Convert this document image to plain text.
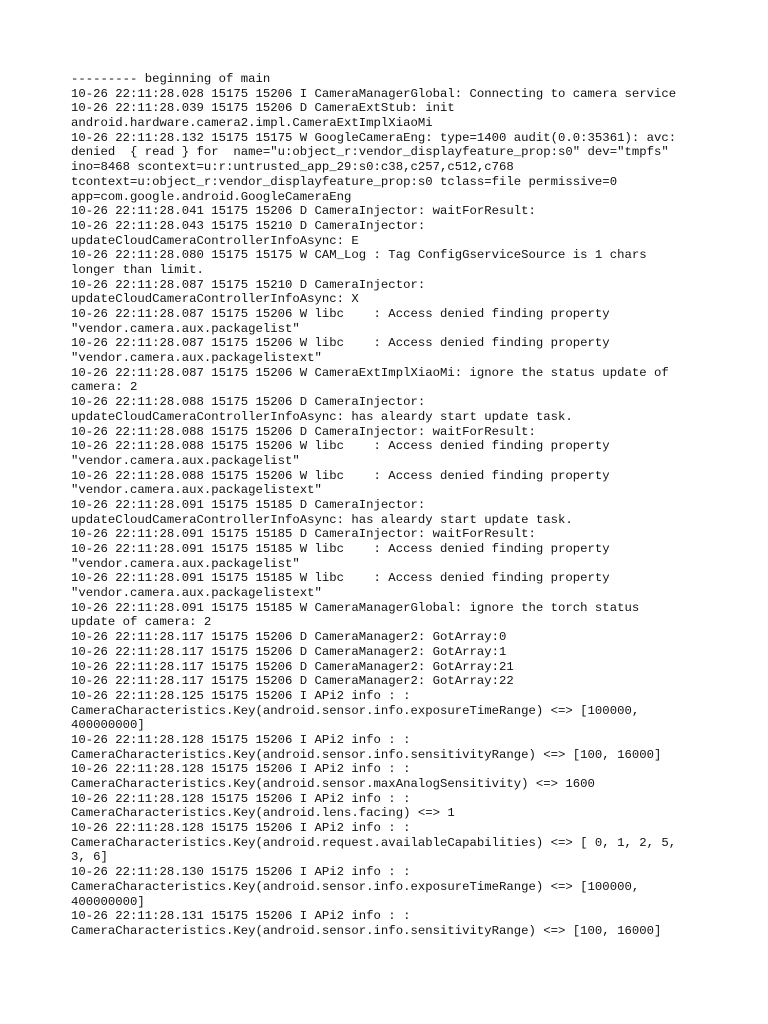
--------- beginning of main
10-26 22:11:28.028 15175 15206 I CameraManagerGlobal: Connecting to camera service
10-26 22:11:28.039 15175 15206 D CameraExtStub: init
android.hardware.camera2.impl.CameraExtImplXiaoMi
10-26 22:11:28.132 15175 15175 W GoogleCameraEng: type=1400 audit(0.0:35361): avc:
denied  { read } for  name="u:object_r:vendor_displayfeature_prop:s0" dev="tmpfs"
ino=8468 scontext=u:r:untrusted_app_29:s0:c38,c257,c512,c768
tcontext=u:object_r:vendor_displayfeature_prop:s0 tclass=file permissive=0
app=com.google.android.GoogleCameraEng
10-26 22:11:28.041 15175 15206 D CameraInjector: waitForResult:
10-26 22:11:28.043 15175 15210 D CameraInjector:
updateCloudCameraControllerInfoAsync: E
10-26 22:11:28.080 15175 15175 W CAM_Log : Tag ConfigGserviceSource is 1 chars
longer than limit.
10-26 22:11:28.087 15175 15210 D CameraInjector:
updateCloudCameraControllerInfoAsync: X
10-26 22:11:28.087 15175 15206 W libc    : Access denied finding property
"vendor.camera.aux.packagelist"
10-26 22:11:28.087 15175 15206 W libc    : Access denied finding property
"vendor.camera.aux.packagelistext"
10-26 22:11:28.087 15175 15206 W CameraExtImplXiaoMi: ignore the status update of
camera: 2
10-26 22:11:28.088 15175 15206 D CameraInjector:
updateCloudCameraControllerInfoAsync: has aleardy start update task.
10-26 22:11:28.088 15175 15206 D CameraInjector: waitForResult:
10-26 22:11:28.088 15175 15206 W libc    : Access denied finding property
"vendor.camera.aux.packagelist"
10-26 22:11:28.088 15175 15206 W libc    : Access denied finding property
"vendor.camera.aux.packagelistext"
10-26 22:11:28.091 15175 15185 D CameraInjector:
updateCloudCameraControllerInfoAsync: has aleardy start update task.
10-26 22:11:28.091 15175 15185 D CameraInjector: waitForResult:
10-26 22:11:28.091 15175 15185 W libc    : Access denied finding property
"vendor.camera.aux.packagelist"
10-26 22:11:28.091 15175 15185 W libc    : Access denied finding property
"vendor.camera.aux.packagelistext"
10-26 22:11:28.091 15175 15185 W CameraManagerGlobal: ignore the torch status
update of camera: 2
10-26 22:11:28.117 15175 15206 D CameraManager2: GotArray:0
10-26 22:11:28.117 15175 15206 D CameraManager2: GotArray:1
10-26 22:11:28.117 15175 15206 D CameraManager2: GotArray:21
10-26 22:11:28.117 15175 15206 D CameraManager2: GotArray:22
10-26 22:11:28.125 15175 15206 I APi2 info : :
CameraCharacteristics.Key(android.sensor.info.exposureTimeRange) <=> [100000,
400000000]
10-26 22:11:28.128 15175 15206 I APi2 info : :
CameraCharacteristics.Key(android.sensor.info.sensitivityRange) <=> [100, 16000]
10-26 22:11:28.128 15175 15206 I APi2 info : :
CameraCharacteristics.Key(android.sensor.maxAnalogSensitivity) <=> 1600
10-26 22:11:28.128 15175 15206 I APi2 info : :
CameraCharacteristics.Key(android.lens.facing) <=> 1
10-26 22:11:28.128 15175 15206 I APi2 info : :
CameraCharacteristics.Key(android.request.availableCapabilities) <=> [ 0, 1, 2, 5,
3, 6]
10-26 22:11:28.130 15175 15206 I APi2 info : :
CameraCharacteristics.Key(android.sensor.info.exposureTimeRange) <=> [100000,
400000000]
10-26 22:11:28.131 15175 15206 I APi2 info : :
CameraCharacteristics.Key(android.sensor.info.sensitivityRange) <=> [100, 16000]
